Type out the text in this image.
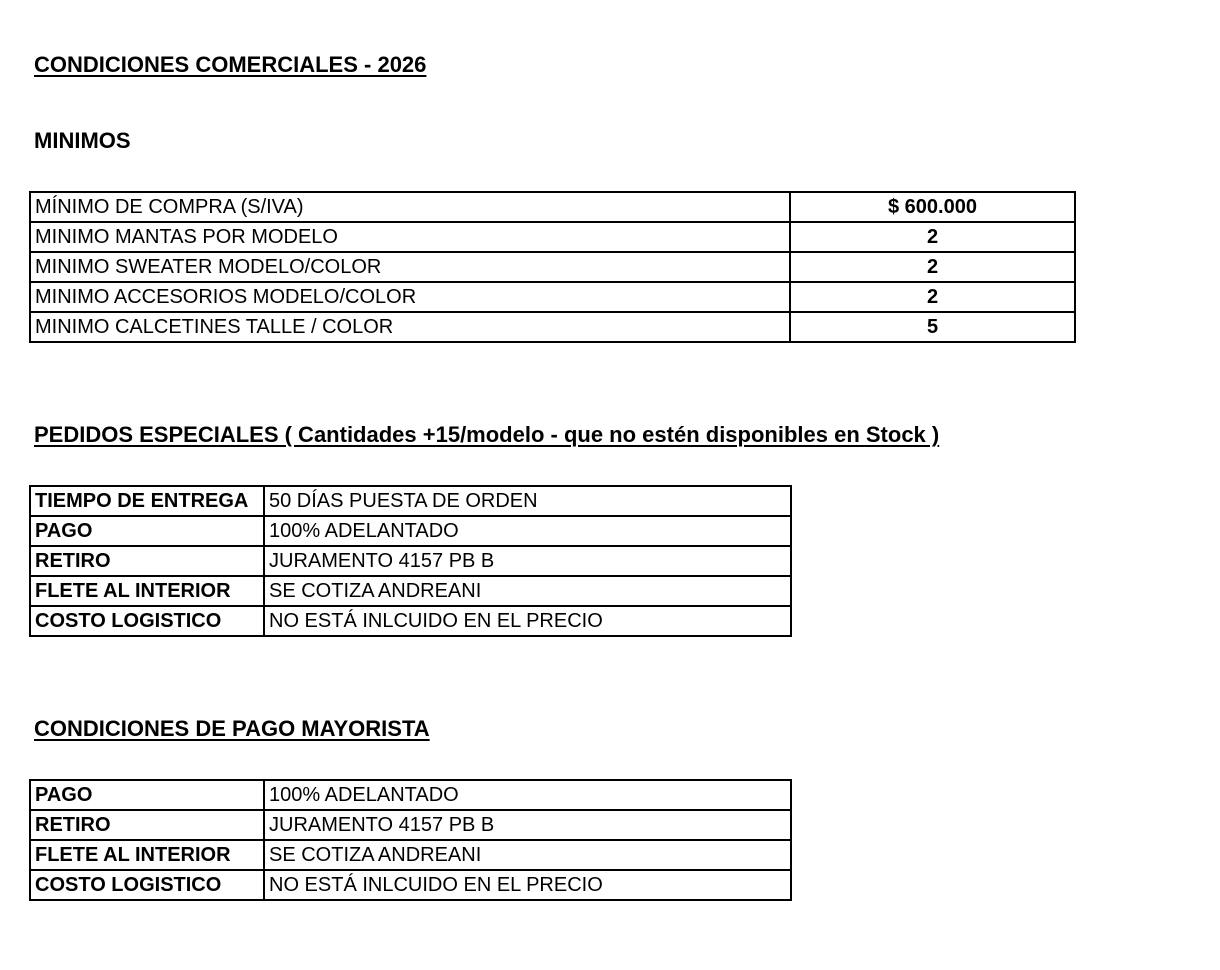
CONDICIONES COMERCIALES - 2026
MINIMOS
MÍNIMO DE COMPRA (S/IVA)	$ 600.000
MINIMO MANTAS POR MODELO	2
MINIMO SWEATER MODELO/COLOR	2
MINIMO ACCESORIOS MODELO/COLOR	2
MINIMO CALCETINES TALLE / COLOR	5
PEDIDOS ESPECIALES ( Cantidades +15/modelo - que no estén disponibles en Stock )
TIEMPO DE ENTREGA	50 DÍAS PUESTA DE ORDEN
PAGO	100% ADELANTADO
RETIRO	JURAMENTO 4157 PB B
FLETE AL INTERIOR	SE COTIZA ANDREANI
COSTO LOGISTICO	NO ESTÁ INLCUIDO EN EL PRECIO
CONDICIONES DE PAGO MAYORISTA
PAGO	100% ADELANTADO
RETIRO	JURAMENTO 4157 PB B
FLETE AL INTERIOR	SE COTIZA ANDREANI
COSTO LOGISTICO	NO ESTÁ INLCUIDO EN EL PRECIO
